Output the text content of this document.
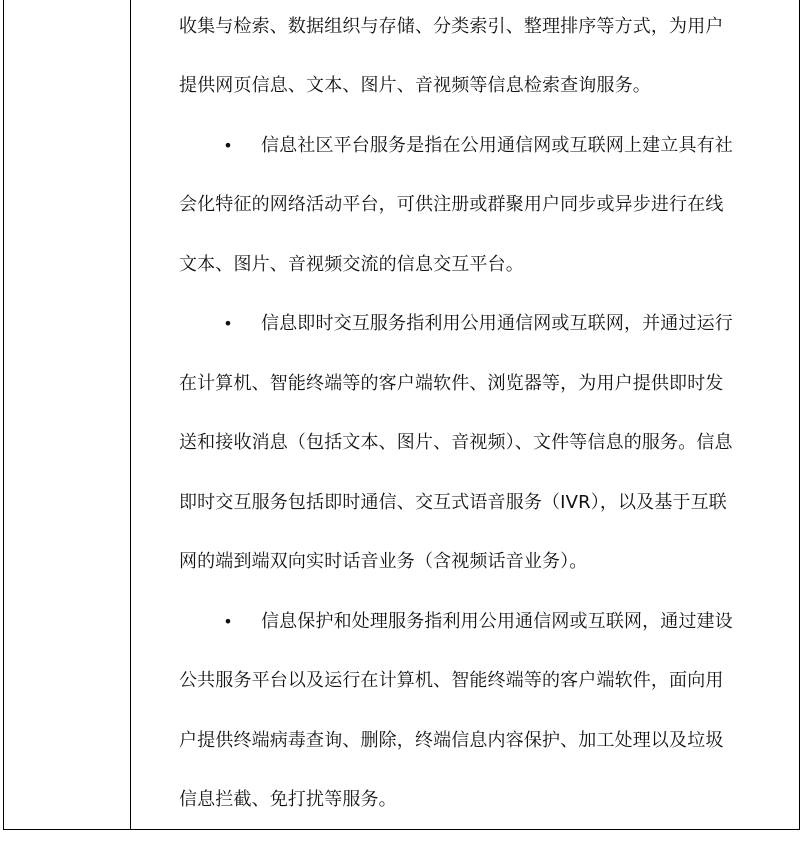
收集与检索、数据组织与存储、分类索引、整理排序等方式，为用户
提供网页信息、文本、图片、音视频等信息检索查询服务。
• 信息社区平台服务是指在公用通信网或互联网上建立具有社
会化特征的网络活动平台，可供注册或群聚用户同步或异步进行在线
文本、图片、音视频交流的信息交互平台。
• 信息即时交互服务指利用公用通信网或互联网，并通过运行
在计算机、智能终端等的客户端软件、浏览器等，为用户提供即时发
送和接收消息（包括文本、图片、音视频）、文件等信息的服务。信息
即时交互服务包括即时通信、交互式语音服务（IVR），以及基于互联
网的端到端双向实时话音业务（含视频话音业务）。
• 信息保护和处理服务指利用公用通信网或互联网，通过建设
公共服务平台以及运行在计算机、智能终端等的客户端软件，面向用
户提供终端病毒查询、删除，终端信息内容保护、加工处理以及垃圾
信息拦截、免打扰等服务。
